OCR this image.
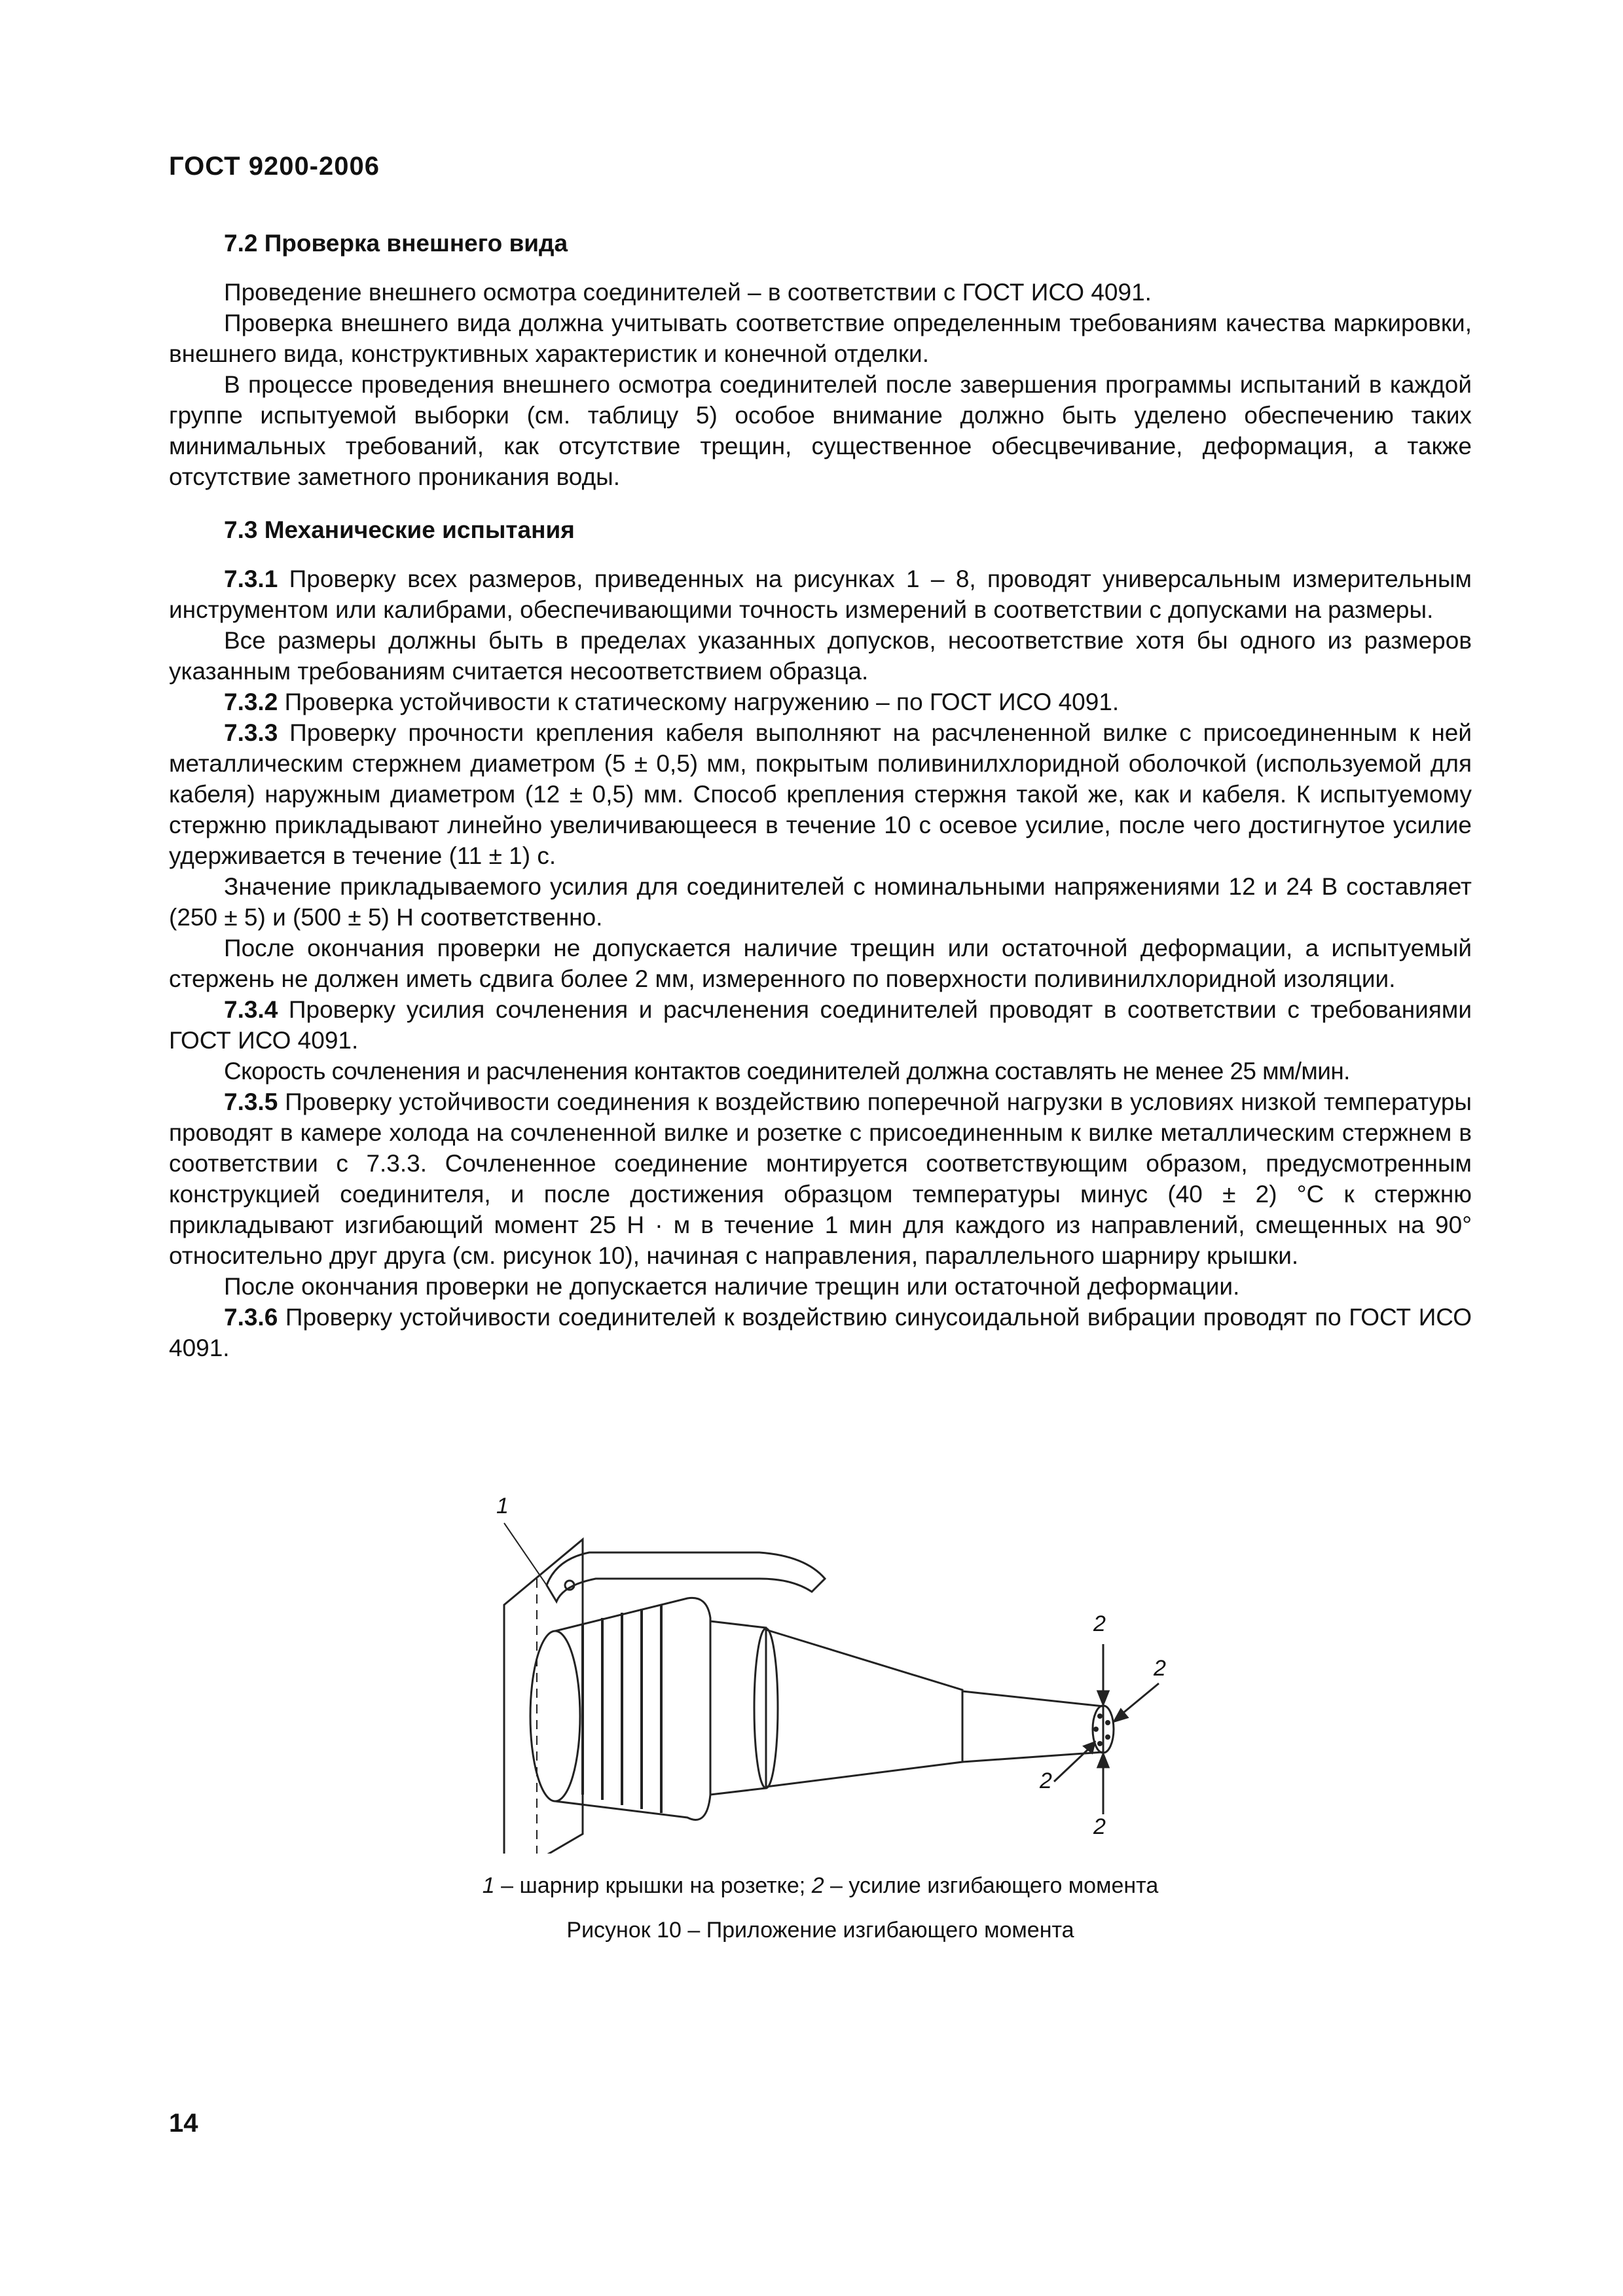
ГОСТ 9200-2006
7.2 Проверка внешнего вида

Проведение внешнего осмотра соединителей – в соответствии с ГОСТ ИСО 4091.

Проверка внешнего вида должна учитывать соответствие определенным требованиям качества маркировки, внешнего вида, конструктивных характеристик и конечной отделки.

В процессе проведения внешнего осмотра соединителей после завершения программы испытаний в каждой группе испытуемой выборки (см. таблицу 5) особое внимание должно быть уделено обеспечению таких минимальных требований, как отсутствие трещин, существенное обесцвечивание, деформация, а также отсутствие заметного проникания воды.

7.3 Механические испытания

7.3.1 Проверку всех размеров, приведенных на рисунках 1 – 8, проводят универсальным измерительным инструментом или калибрами, обеспечивающими точность измерений в соответствии с допусками на размеры.

Все размеры должны быть в пределах указанных допусков, несоответствие хотя бы одного из размеров указанным требованиям считается несоответствием образца.

7.3.2 Проверка устойчивости к статическому нагружению – по ГОСТ ИСО 4091.

7.3.3 Проверку прочности крепления кабеля выполняют на расчлененной вилке с присоединенным к ней металлическим стержнем диаметром (5 ± 0,5) мм, покрытым поливинилхлоридной оболочкой (используемой для кабеля) наружным диаметром (12 ± 0,5) мм. Способ крепления стержня такой же, как и кабеля. К испытуемому стержню прикладывают линейно увеличивающееся в течение 10 с осевое усилие, после чего достигнутое усилие удерживается в течение (11 ± 1) с.

Значение прикладываемого усилия для соединителей с номинальными напряжениями 12 и 24 В составляет (250 ± 5) и (500 ± 5) Н соответственно.

После окончания проверки не допускается наличие трещин или остаточной деформации, а испытуемый стержень не должен иметь сдвига более 2 мм, измеренного по поверхности поливинилхлоридной изоляции.

7.3.4 Проверку усилия сочленения и расчленения соединителей проводят в соответствии с требованиями ГОСТ ИСО 4091.

Скорость сочленения и расчленения контактов соединителей должна составлять не менее 25 мм/мин.

7.3.5 Проверку устойчивости соединения к воздействию поперечной нагрузки в условиях низкой температуры проводят в камере холода на сочлененной вилке и розетке с присоединенным к вилке металлическим стержнем в соответствии с 7.3.3. Сочлененное соединение монтируется соответствующим образом, предусмотренным конструкцией соединителя, и после достижения образцом температуры минус (40 ± 2) °С к стержню прикладывают изгибающий момент 25 Н · м в течение 1 мин для каждого из направлений, смещенных на 90° относительно друг друга (см. рисунок 10), начиная с направления, параллельного шарниру крышки.

После окончания проверки не допускается наличие трещин или остаточной деформации.

7.3.6 Проверку устойчивости соединителей к воздействию синусоидальной вибрации проводят по ГОСТ ИСО 4091.

1
2
2
2
2
1 – шарнир крышки на розетке; 2 – усилие изгибающего момента
Рисунок 10 – Приложение изгибающего момента
14
